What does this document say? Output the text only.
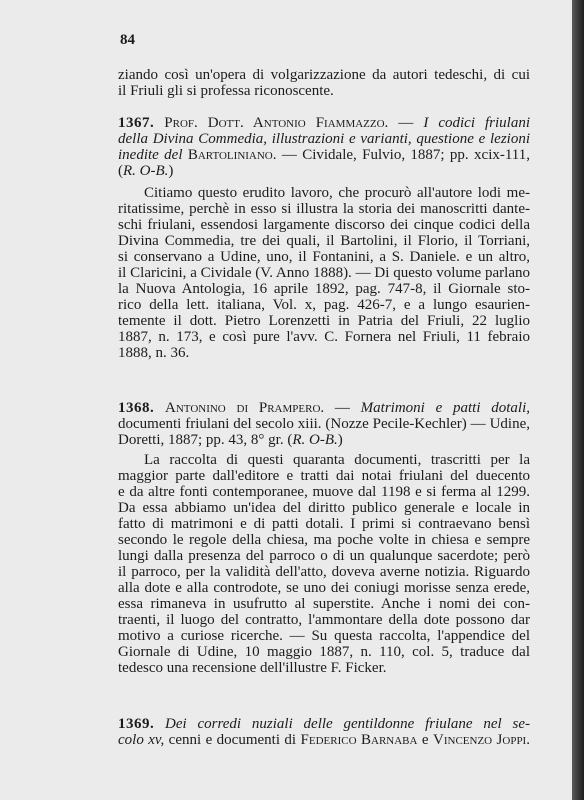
84
ziando così un'opera di volgarizzazione da autori tedeschi, di cui
il Friuli gli si professa riconoscente.
1367. Prof. Dott. Antonio Fiammazzo. — I codici friulani
della Divina Commedia, illustrazioni e varianti, questione e lezioni
inedite del Bartoliniano. — Cividale, Fulvio, 1887; pp. xcix-111,
(R. O-B.)
Citiamo questo erudito lavoro, che procurò all'autore lodi me-
ritatissime, perchè in esso si illustra la storia dei manoscritti dante-
schi friulani, essendosi largamente discorso dei cinque codici della
Divina Commedia, tre dei quali, il Bartolini, il Florio, il Torriani,
si conservano a Udine, uno, il Fontanini, a S. Daniele. e un altro,
il Claricini, a Cividale (V. Anno 1888). — Di questo volume parlano
la Nuova Antologia, 16 aprile 1892, pag. 747-8, il Giornale sto-
rico della lett. italiana, Vol. x, pag. 426-7, e a lungo esaurien-
temente il dott. Pietro Lorenzetti in Patria del Friuli, 22 luglio
1887, n. 173, e così pure l'avv. C. Fornera nel Friuli, 11 febraio
1888, n. 36.
1368. Antonino di Prampero. — Matrimoni e patti dotali,
documenti friulani del secolo xiii. (Nozze Pecile-Kechler) — Udine,
Doretti, 1887; pp. 43, 8° gr. (R. O-B.)
La raccolta di questi quaranta documenti, trascritti per la
maggior parte dall'editore e tratti dai notai friulani del duecento
e da altre fonti contemporanee, muove dal 1198 e si ferma al 1299.
Da essa abbiamo un'idea del diritto publico generale e locale in
fatto di matrimoni e di patti dotali. I primi si contraevano bensì
secondo le regole della chiesa, ma poche volte in chiesa e sempre
lungi dalla presenza del parroco o di un qualunque sacerdote; però
il parroco, per la validità dell'atto, doveva averne notizia. Riguardo
alla dote e alla controdote, se uno dei coniugi morisse senza erede,
essa rimaneva in usufrutto al superstite. Anche i nomi dei con-
traenti, il luogo del contratto, l'ammontare della dote possono dar
motivo a curiose ricerche. — Su questa raccolta, l'appendice del
Giornale di Udine, 10 maggio 1887, n. 110, col. 5, traduce dal
tedesco una recensione dell'illustre F. Ficker.
1369. Dei corredi nuziali delle gentildonne friulane nel se-
colo xv, cenni e documenti di Federico Barnaba e Vincenzo Joppi.
